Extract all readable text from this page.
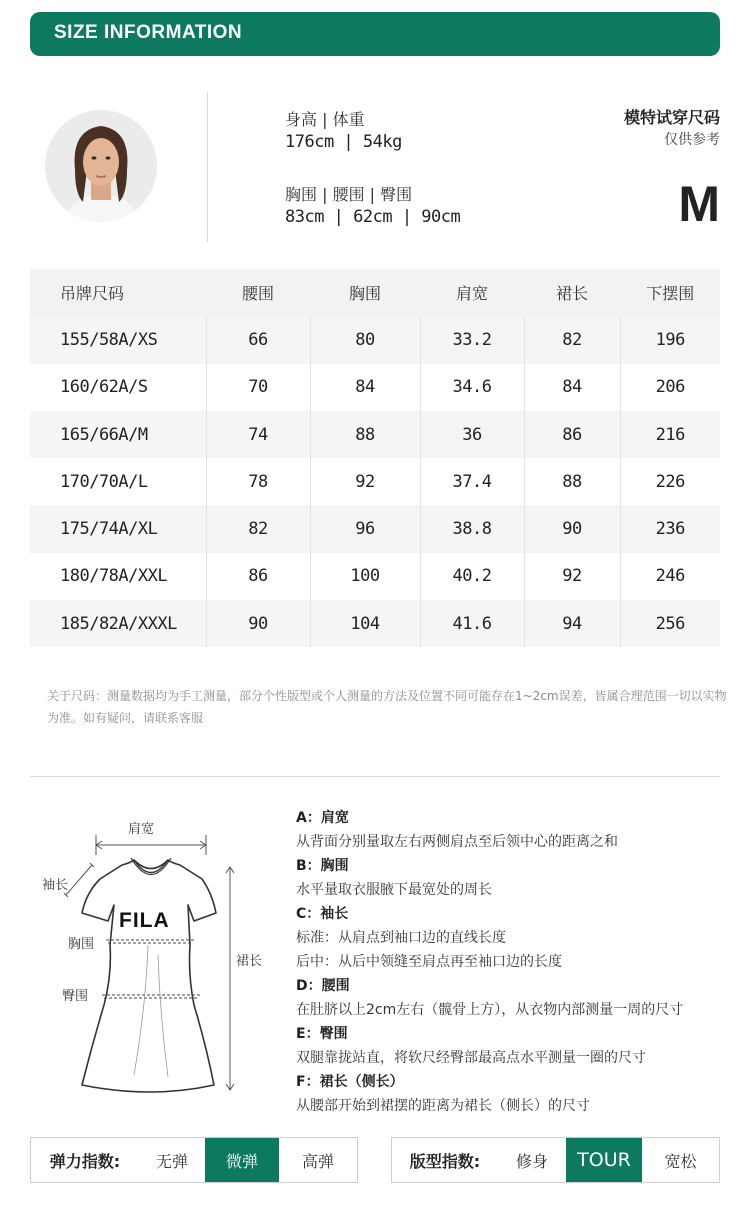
SIZE INFORMATION
身高 | 体重
176cm | 54kg
胸围 | 腰围 | 臀围
83cm | 62cm | 90cm
模特试穿尺码
仅供参考
M
吊牌尺码	腰围	胸围	肩宽	裙长	下摆围
155/58A/XS	66	80	33.2	82	196
160/62A/S	70	84	34.6	84	206
165/66A/M	74	88	36	86	216
170/70A/L	78	92	37.4	88	226
175/74A/XL	82	96	38.8	90	236
180/78A/XXL	86	100	40.2	92	246
185/82A/XXXL	90	104	41.6	94	256
关于尺码：测量数据均为手工测量，部分个性版型或个人测量的方法及位置不同可能存在1~2cm误差，皆属合理范围一切以实物为准。如有疑问，请联系客服
肩宽
袖长
胸围
臀围
裙长
FILA
A：肩宽
从背面分别量取左右两侧肩点至后领中心的距离之和
B：胸围
水平量取衣服腋下最宽处的周长
C：袖长
标准：从肩点到袖口边的直线长度
后中：从后中领缝至肩点再至袖口边的长度
D：腰围
在肚脐以上2cm左右（髋骨上方），从衣物内部测量一周的尺寸
E：臀围
双腿靠拢站直，将软尺经臀部最高点水平测量一圈的尺寸
F：裙长（侧长）
从腰部开始到裙摆的距离为裙长（侧长）的尺寸
弹力指数:	无弹	微弹	高弹	版型指数:	修身	TOUR	宽松
